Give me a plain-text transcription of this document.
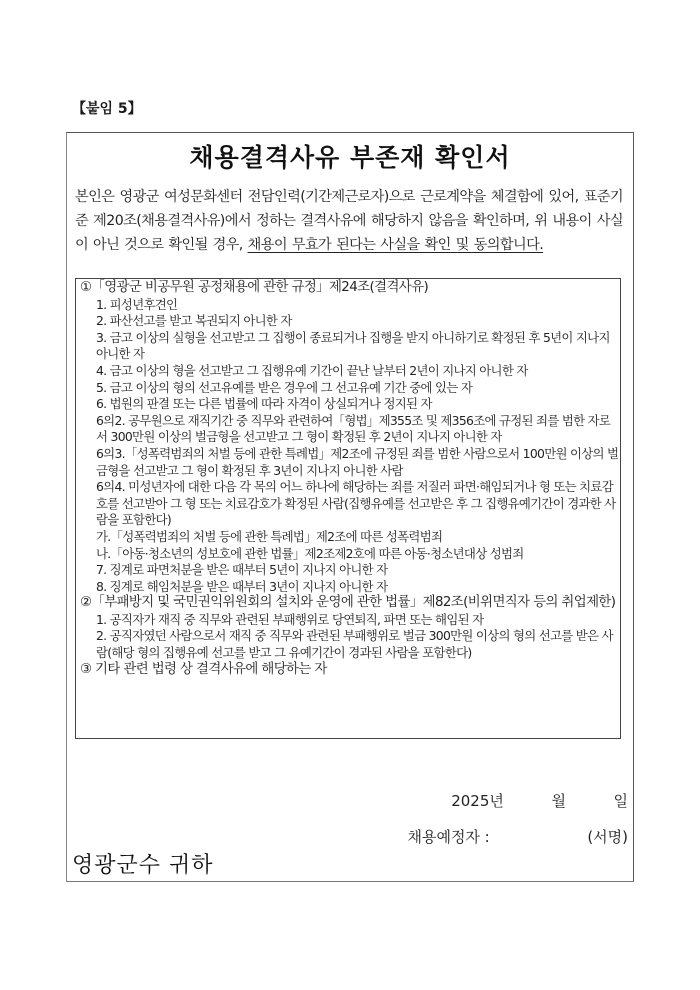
【붙임 5】
채용결격사유 부존재 확인서
본인은 영광군 여성문화센터 전담인력(기간제근로자)으로 근로계약을 체결함에 있어, 표준기준 제20조(채용결격사유)에서 정하는 결격사유에 해당하지 않음을 확인하며, 위 내용이 사실이 아닌 것으로 확인될 경우, 채용이 무효가 된다는 사실을 확인 및 동의합니다.
①「영광군 비공무원 공정채용에 관한 규정」제24조(결격사유)
1. 피성년후견인
2. 파산선고를 받고 복권되지 아니한 자
3. 금고 이상의 실형을 선고받고 그 집행이 종료되거나 집행을 받지 아니하기로 확정된 후 5년이 지나지 아니한 자
4. 금고 이상의 형을 선고받고 그 집행유예 기간이 끝난 날부터 2년이 지나지 아니한 자
5. 금고 이상의 형의 선고유예를 받은 경우에 그 선고유예 기간 중에 있는 자
6. 법원의 판결 또는 다른 법률에 따라 자격이 상실되거나 정지된 자
6의2. 공무원으로 재직기간 중 직무와 관련하여「형법」제355조 및 제356조에 규정된 죄를 범한 자로서 300만원 이상의 벌금형을 선고받고 그 형이 확정된 후 2년이 지나지 아니한 자
6의3.「성폭력범죄의 처벌 등에 관한 특례법」제2조에 규정된 죄를 범한 사람으로서 100만원 이상의 벌금형을 선고받고 그 형이 확정된 후 3년이 지나지 아니한 사람
6의4. 미성년자에 대한 다음 각 목의 어느 하나에 해당하는 죄를 저질러 파면·해임되거나 형 또는 치료감호를 선고받아 그 형 또는 치료감호가 확정된 사람(집행유예를 선고받은 후 그 집행유예기간이 경과한 사람을 포함한다)
가.「성폭력범죄의 처벌 등에 관한 특례법」제2조에 따른 성폭력범죄
나.「아동·청소년의 성보호에 관한 법률」제2조제2호에 따른 아동·청소년대상 성범죄
7. 징계로 파면처분을 받은 때부터 5년이 지나지 아니한 자
8. 징계로 해임처분을 받은 때부터 3년이 지나지 아니한 자
②「부패방지 및 국민권익위원회의 설치와 운영에 관한 법률」제82조(비위면직자 등의 취업제한)
1. 공직자가 재직 중 직무와 관련된 부패행위로 당연퇴직, 파면 또는 해임된 자
2. 공직자였던 사람으로서 재직 중 직무와 관련된 부패행위로 벌금 300만원 이상의 형의 선고를 받은 사람(해당 형의 집행유예 선고를 받고 그 유예기간이 경과된 사람을 포함한다)
③ 기타 관련 법령 상 결격사유에 해당하는 자
2025년	월	일
채용예정자 :	(서명)
영광군수 귀하
